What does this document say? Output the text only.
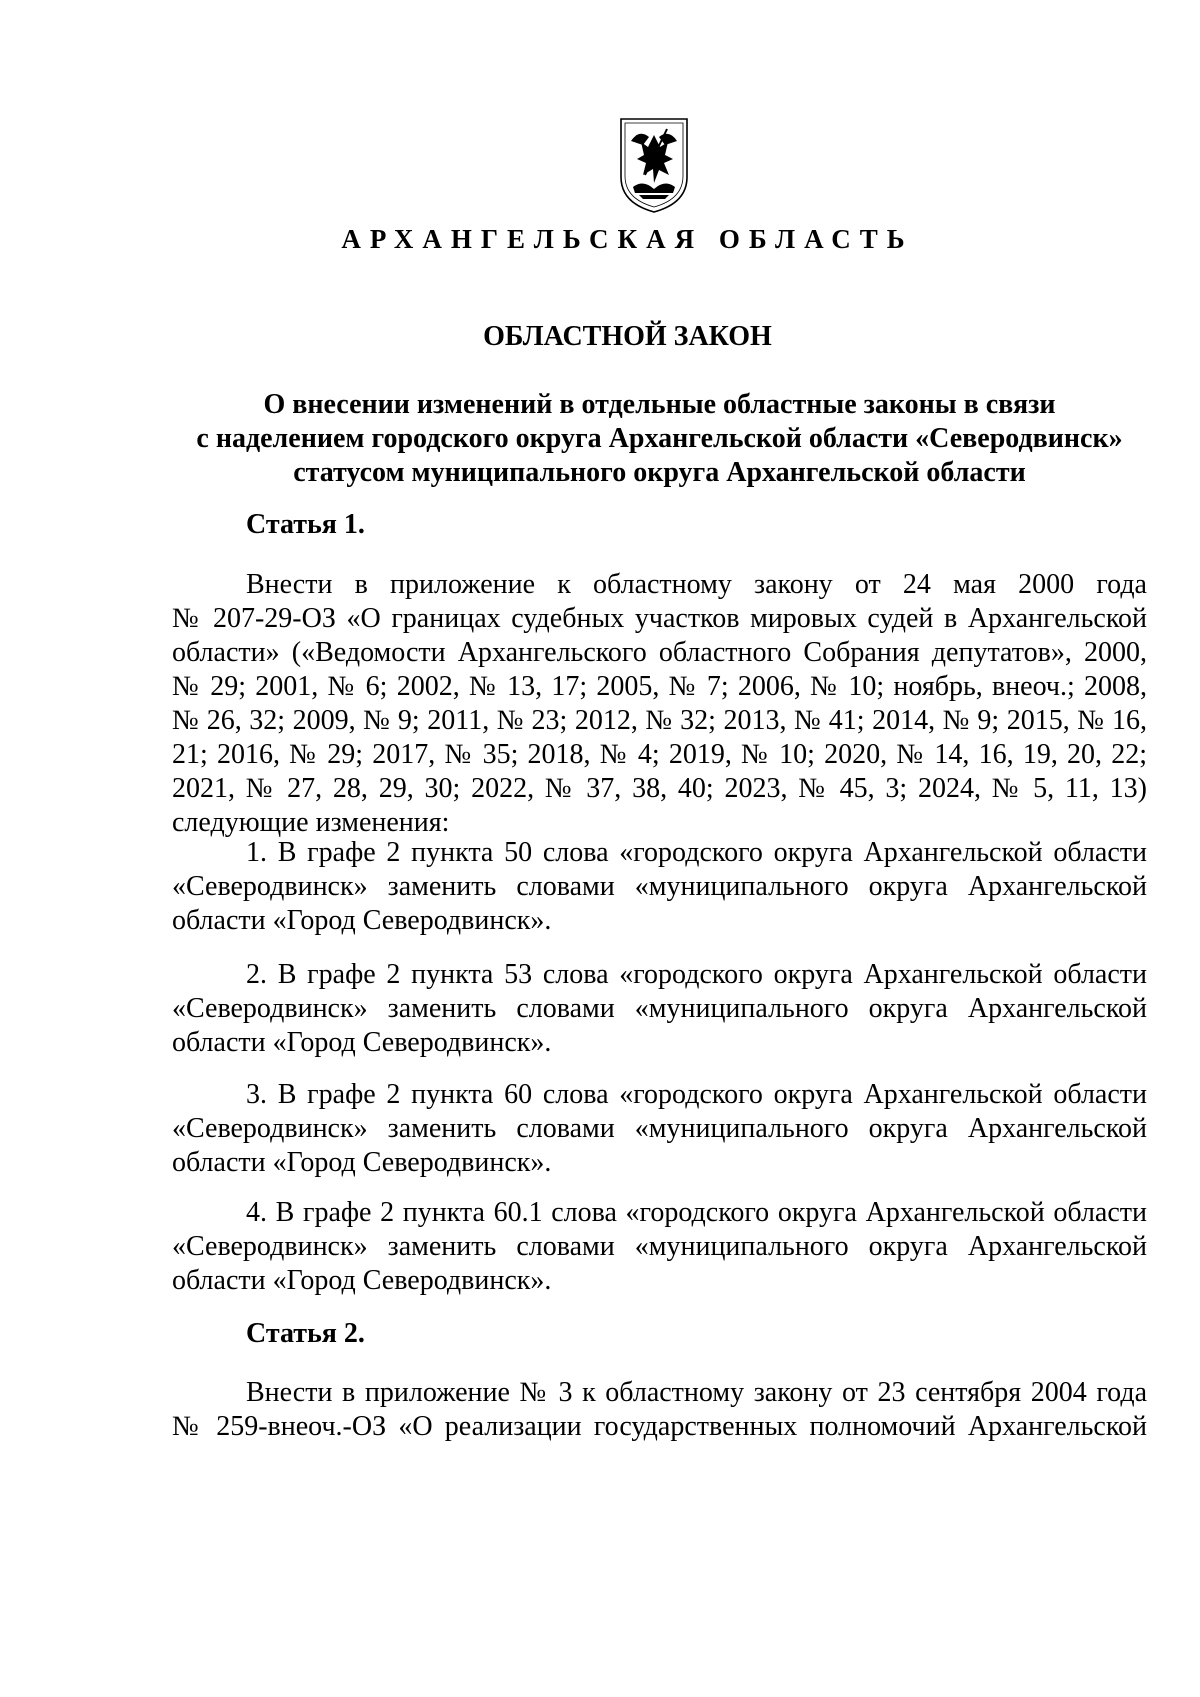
АРХАНГЕЛЬСКАЯ ОБЛАСТЬ
ОБЛАСТНОЙ ЗАКОН
О внесении изменений в отдельные областные законы в связи
с наделением городского округа Архангельской области «Северодвинск»
статусом муниципального округа Архангельской области
Статья 1.
Внести в приложение к областному закону от 24 мая 2000 года
№ 207-29-ОЗ «О границах судебных участков мировых судей в Архангельской
области» («Ведомости Архангельского областного Собрания депутатов», 2000,
№ 29; 2001, № 6; 2002, № 13, 17; 2005, № 7; 2006, № 10; ноябрь, внеоч.; 2008,
№ 26, 32; 2009, № 9; 2011, № 23; 2012, № 32; 2013, № 41; 2014, № 9; 2015, № 16,
21; 2016, № 29; 2017, № 35; 2018, № 4; 2019, № 10; 2020, № 14, 16, 19, 20, 22;
2021, № 27, 28, 29, 30; 2022, № 37, 38, 40; 2023, № 45, 3; 2024, № 5, 11, 13)
следующие изменения:
1. В графе 2 пункта 50 слова «городского округа Архангельской области
«Северодвинск» заменить словами «муниципального округа Архангельской
области «Город Северодвинск».
2. В графе 2 пункта 53 слова «городского округа Архангельской области
«Северодвинск» заменить словами «муниципального округа Архангельской
области «Город Северодвинск».
3. В графе 2 пункта 60 слова «городского округа Архангельской области
«Северодвинск» заменить словами «муниципального округа Архангельской
области «Город Северодвинск».
4. В графе 2 пункта 60.1 слова «городского округа Архангельской области
«Северодвинск» заменить словами «муниципального округа Архангельской
области «Город Северодвинск».
Статья 2.
Внести в приложение № 3 к областному закону от 23 сентября 2004 года
№ 259-внеоч.-ОЗ «О реализации государственных полномочий Архангельской
